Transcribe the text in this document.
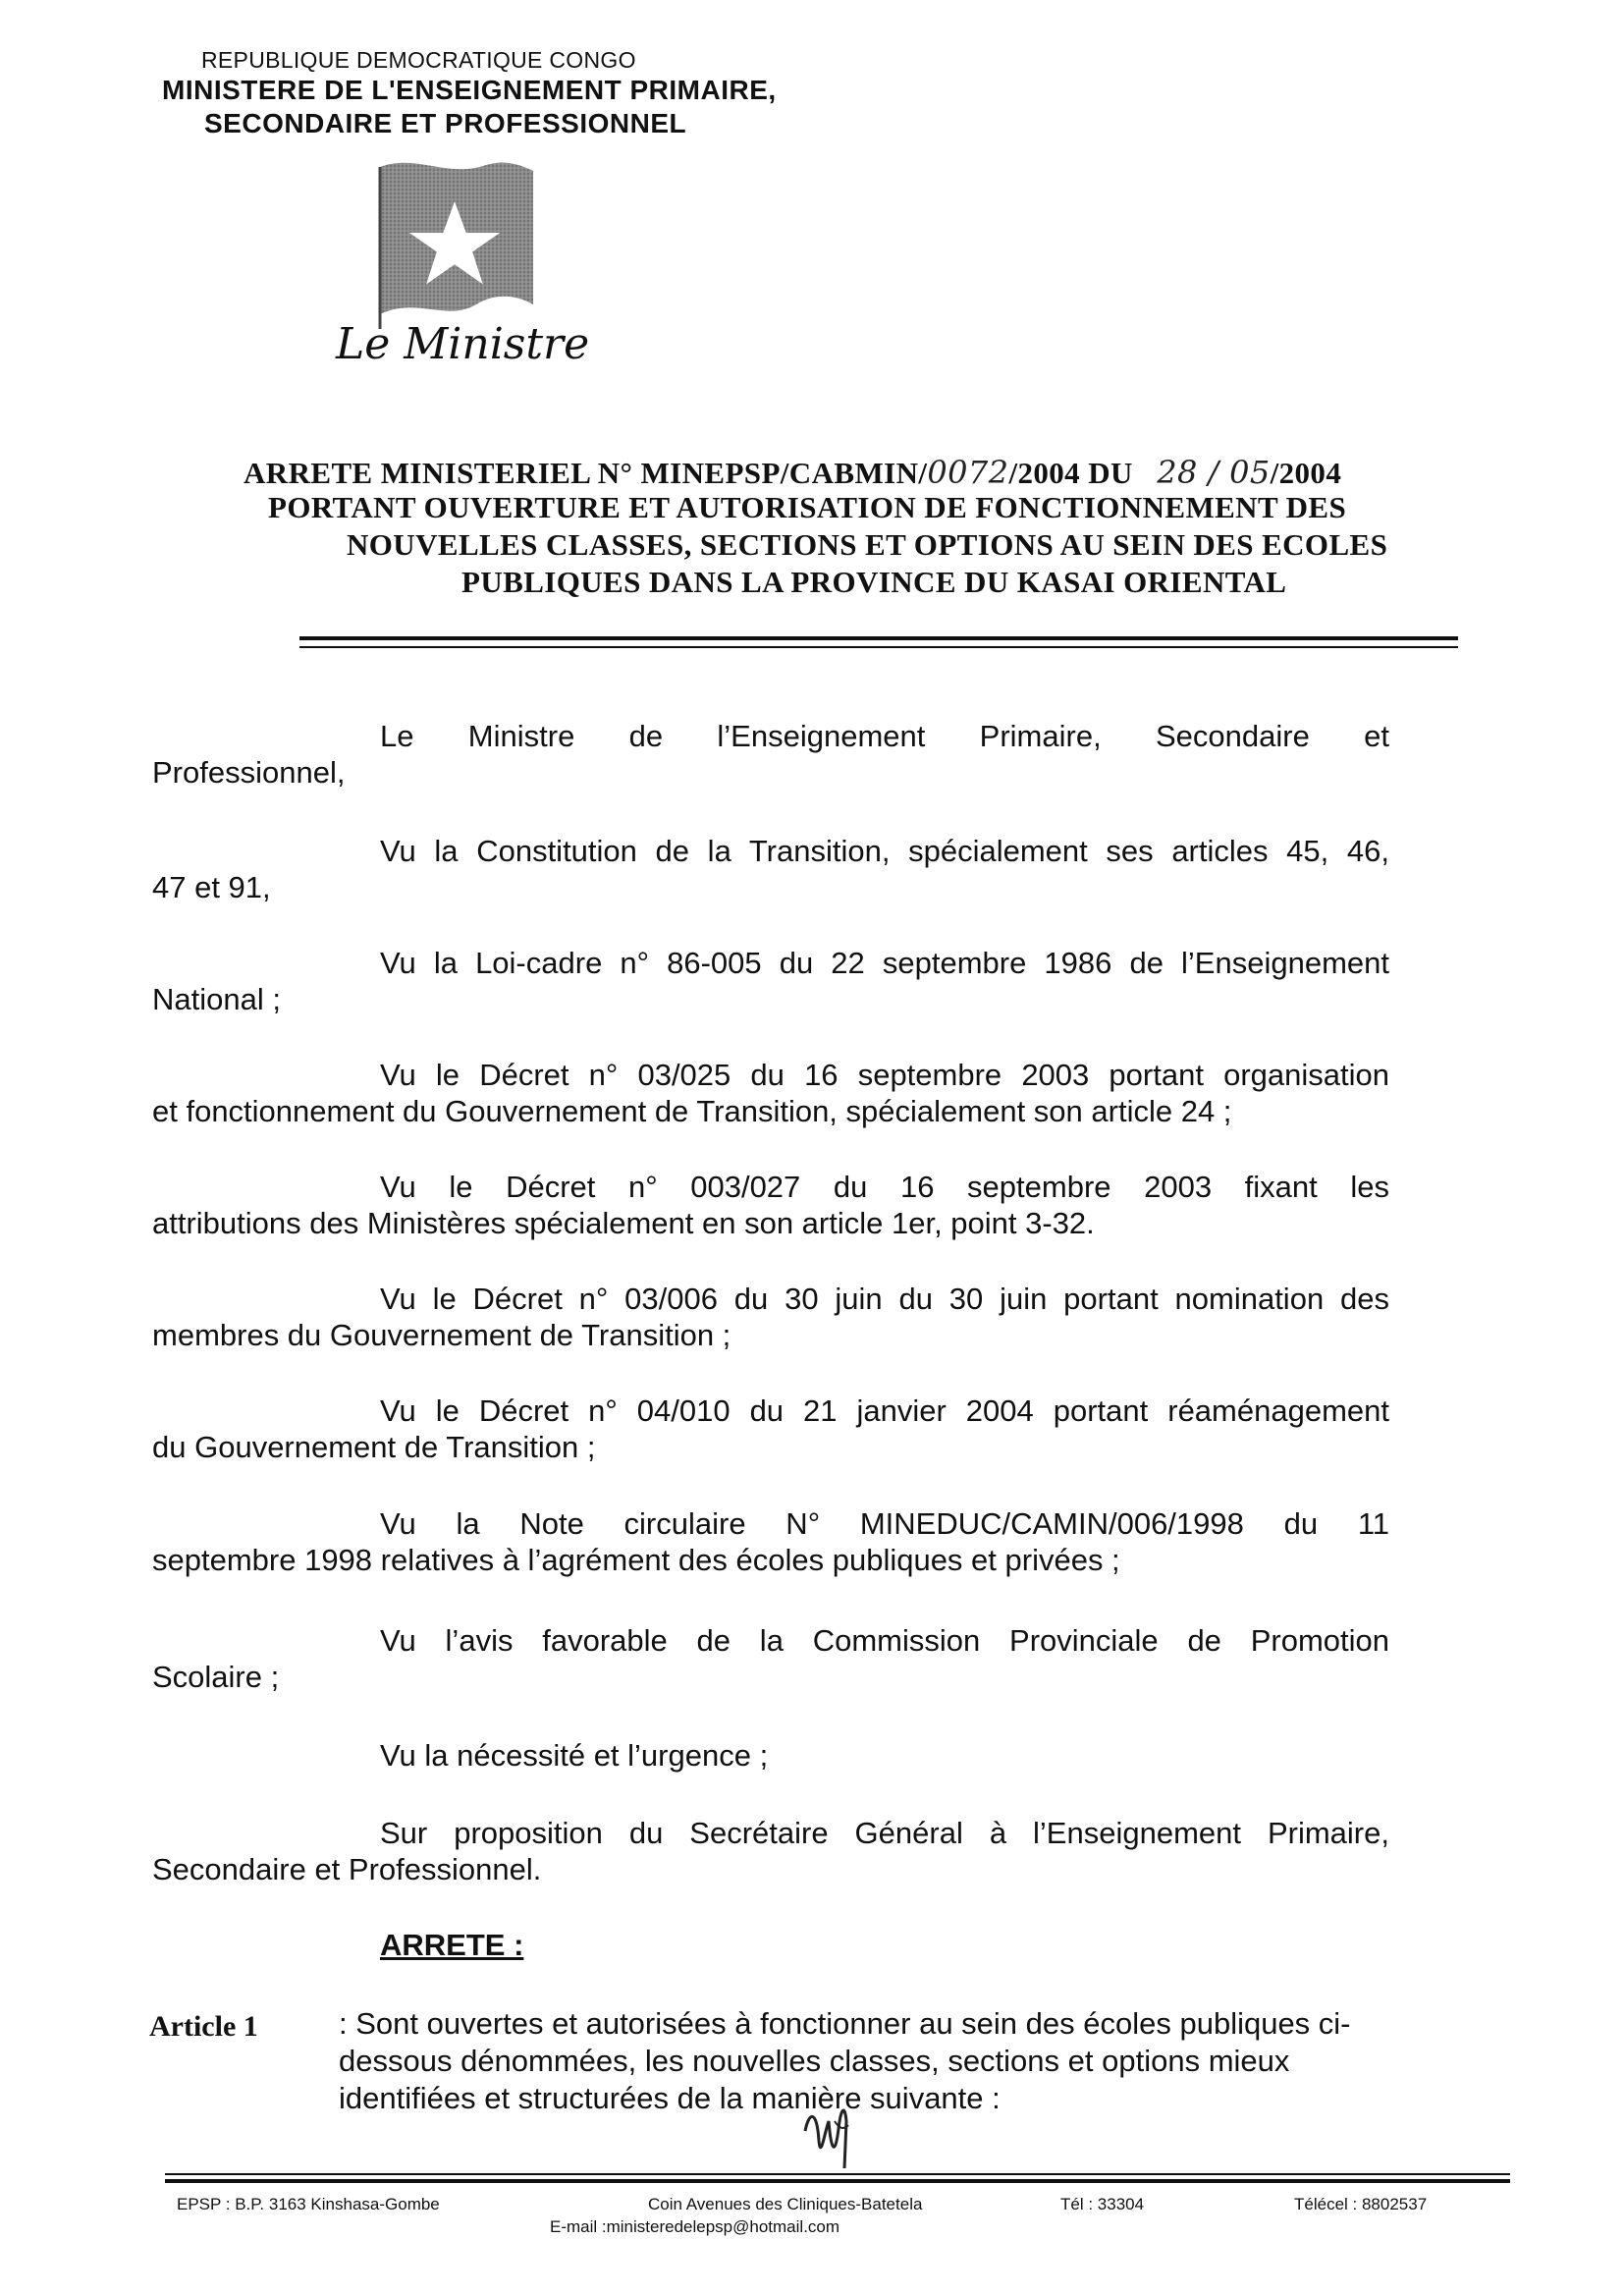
REPUBLIQUE DEMOCRATIQUE CONGO
MINISTERE DE L'ENSEIGNEMENT PRIMAIRE,
SECONDAIRE ET PROFESSIONNEL
Le Ministre
ARRETE MINISTERIEL N° MINEPSP/CABMIN/0072/2004 DU 28 / 05/2004
PORTANT OUVERTURE ET AUTORISATION DE FONCTIONNEMENT DES
NOUVELLES CLASSES, SECTIONS ET OPTIONS AU SEIN DES ECOLES
PUBLIQUES DANS LA PROVINCE DU KASAI ORIENTAL
Le Ministre de l’Enseignement Primaire, Secondaire et
Professionnel,
Vu la Constitution de la Transition, spécialement ses articles 45, 46,
47 et 91,
Vu la Loi-cadre n° 86-005 du 22 septembre 1986 de l’Enseignement
National ;
Vu le Décret n° 03/025 du 16 septembre 2003 portant organisation
et fonctionnement du Gouvernement de Transition, spécialement son article 24 ;
Vu le Décret n° 003/027 du 16 septembre 2003 fixant les
attributions des Ministères spécialement en son article 1er, point 3-32.
Vu le Décret n° 03/006 du 30 juin du 30 juin portant nomination des
membres du Gouvernement de Transition ;
Vu le Décret n° 04/010 du 21 janvier 2004 portant réaménagement
du Gouvernement de Transition ;
Vu la Note circulaire N° MINEDUC/CAMIN/006/1998 du 11
septembre 1998 relatives à l’agrément des écoles publiques et privées ;
Vu l’avis favorable de la Commission Provinciale de Promotion
Scolaire ;
Vu la nécessité et l’urgence ;
Sur proposition du Secrétaire Général à l’Enseignement Primaire,
Secondaire et Professionnel.
ARRETE :
Article 1	: Sont ouvertes et autorisées à fonctionner au sein des écoles publiques ci-dessous dénommées, les nouvelles classes, sections et options mieux identifiées et structurées de la manière suivante :
EPSP : B.P. 3163 Kinshasa-Gombe	Coin Avenues des Cliniques-Batetela	Tél : 33304	Télécel : 8802537
E-mail :ministeredelepsp@hotmail.com
